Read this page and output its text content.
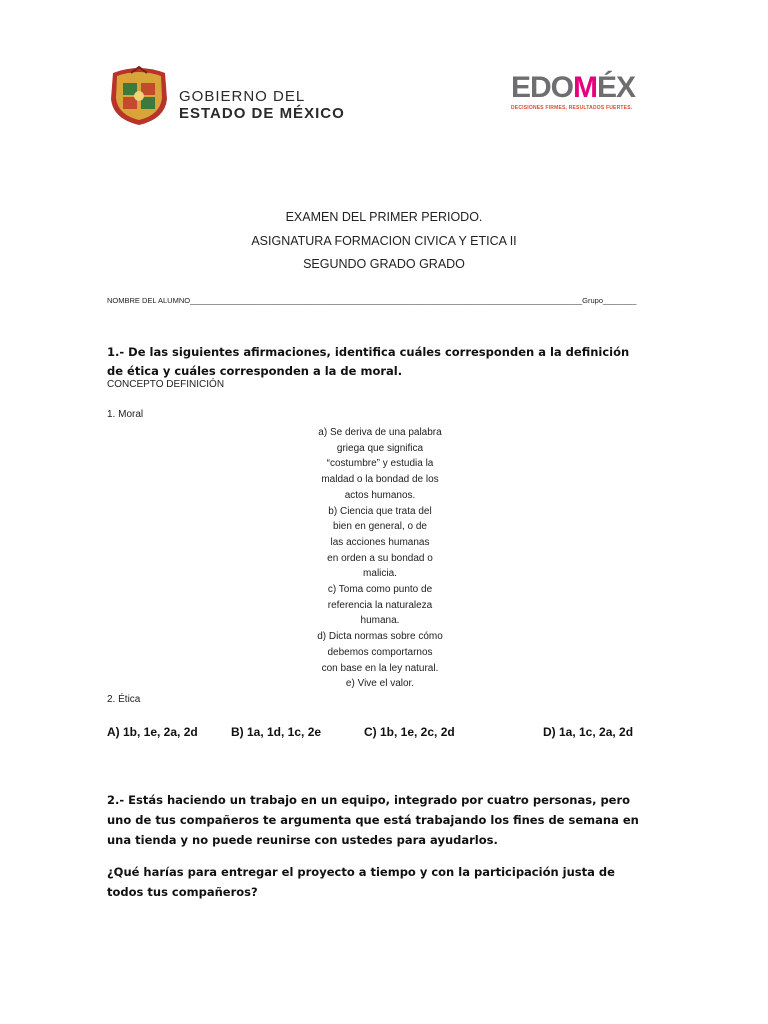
GOBIERNO DEL
ESTADO DE MÉXICO
EDOMÉX
DECISIONES FIRMES, RESULTADOS FUERTES.
EXAMEN DEL PRIMER PERIODO.
ASIGNATURA FORMACION CIVICA Y ETICA II
SEGUNDO GRADO GRADO
NOMBRE DEL ALUMNO______________________________________________________________________________________________Grupo________
1.- De las siguientes afirmaciones, identifica cuáles corresponden a la definición de ética y cuáles corresponden a la de moral.
CONCEPTO DEFINICIÓN
1. Moral
a) Se deriva de una palabra
griega que significa
“costumbre” y estudia la
maldad o la bondad de los
actos humanos.
b) Ciencia que trata del
bien en general, o de
las acciones humanas
en orden a su bondad o
malicia.
c) Toma como punto de
referencia la naturaleza
humana.
d) Dicta normas sobre cómo
debemos comportarnos
con base en la ley natural.
e) Vive el valor.
2. Ética
A) 1b, 1e, 2a, 2d	B) 1a, 1d, 1c, 2e	C) 1b, 1e, 2c, 2d	D) 1a, 1c, 2a, 2d
2.- Estás haciendo un trabajo en un equipo, integrado por cuatro personas, pero uno de tus compañeros te argumenta que está trabajando los fines de semana en una tienda y no puede reunirse con ustedes para ayudarlos.
¿Qué harías para entregar el proyecto a tiempo y con la participación justa de todos tus compañeros?
